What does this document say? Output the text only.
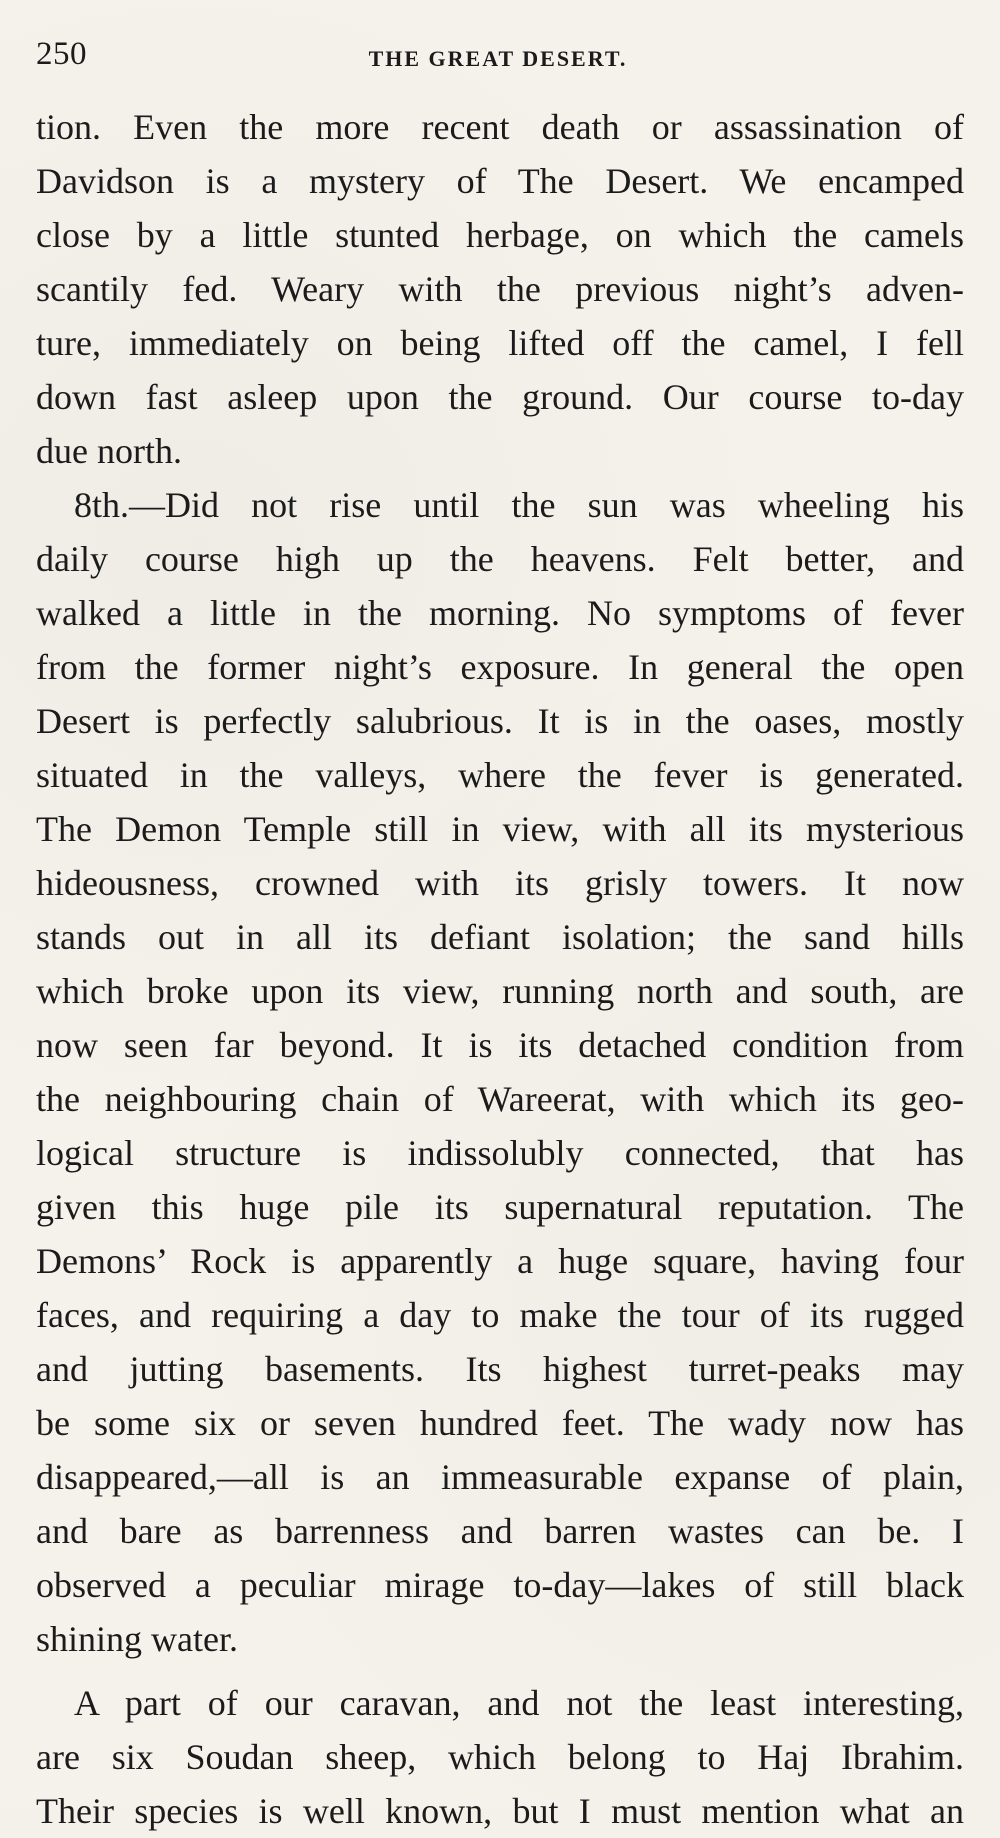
250	THE GREAT DESERT.
tion. Even the more recent death or assassination of
Davidson is a mystery of The Desert. We encamped
close by a little stunted herbage, on which the camels
scantily fed. Weary with the previous night’s adven-
ture, immediately on being lifted off the camel, I fell
down fast asleep upon the ground. Our course to-day
due north.
8th.—Did not rise until the sun was wheeling his
daily course high up the heavens. Felt better, and
walked a little in the morning. No symptoms of fever
from the former night’s exposure. In general the open
Desert is perfectly salubrious. It is in the oases, mostly
situated in the valleys, where the fever is generated.
The Demon Temple still in view, with all its mysterious
hideousness, crowned with its grisly towers. It now
stands out in all its defiant isolation; the sand hills
which broke upon its view, running north and south, are
now seen far beyond. It is its detached condition from
the neighbouring chain of Wareerat, with which its geo-
logical structure is indissolubly connected, that has
given this huge pile its supernatural reputation. The
Demons’ Rock is apparently a huge square, having four
faces, and requiring a day to make the tour of its rugged
and jutting basements. Its highest turret-peaks may
be some six or seven hundred feet. The wady now has
disappeared,—all is an immeasurable expanse of plain,
and bare as barrenness and barren wastes can be. I
observed a peculiar mirage to-day—lakes of still black
shining water.
A part of our caravan, and not the least interesting,
are six Soudan sheep, which belong to Haj Ibrahim.
Their species is well known, but I must mention what an
